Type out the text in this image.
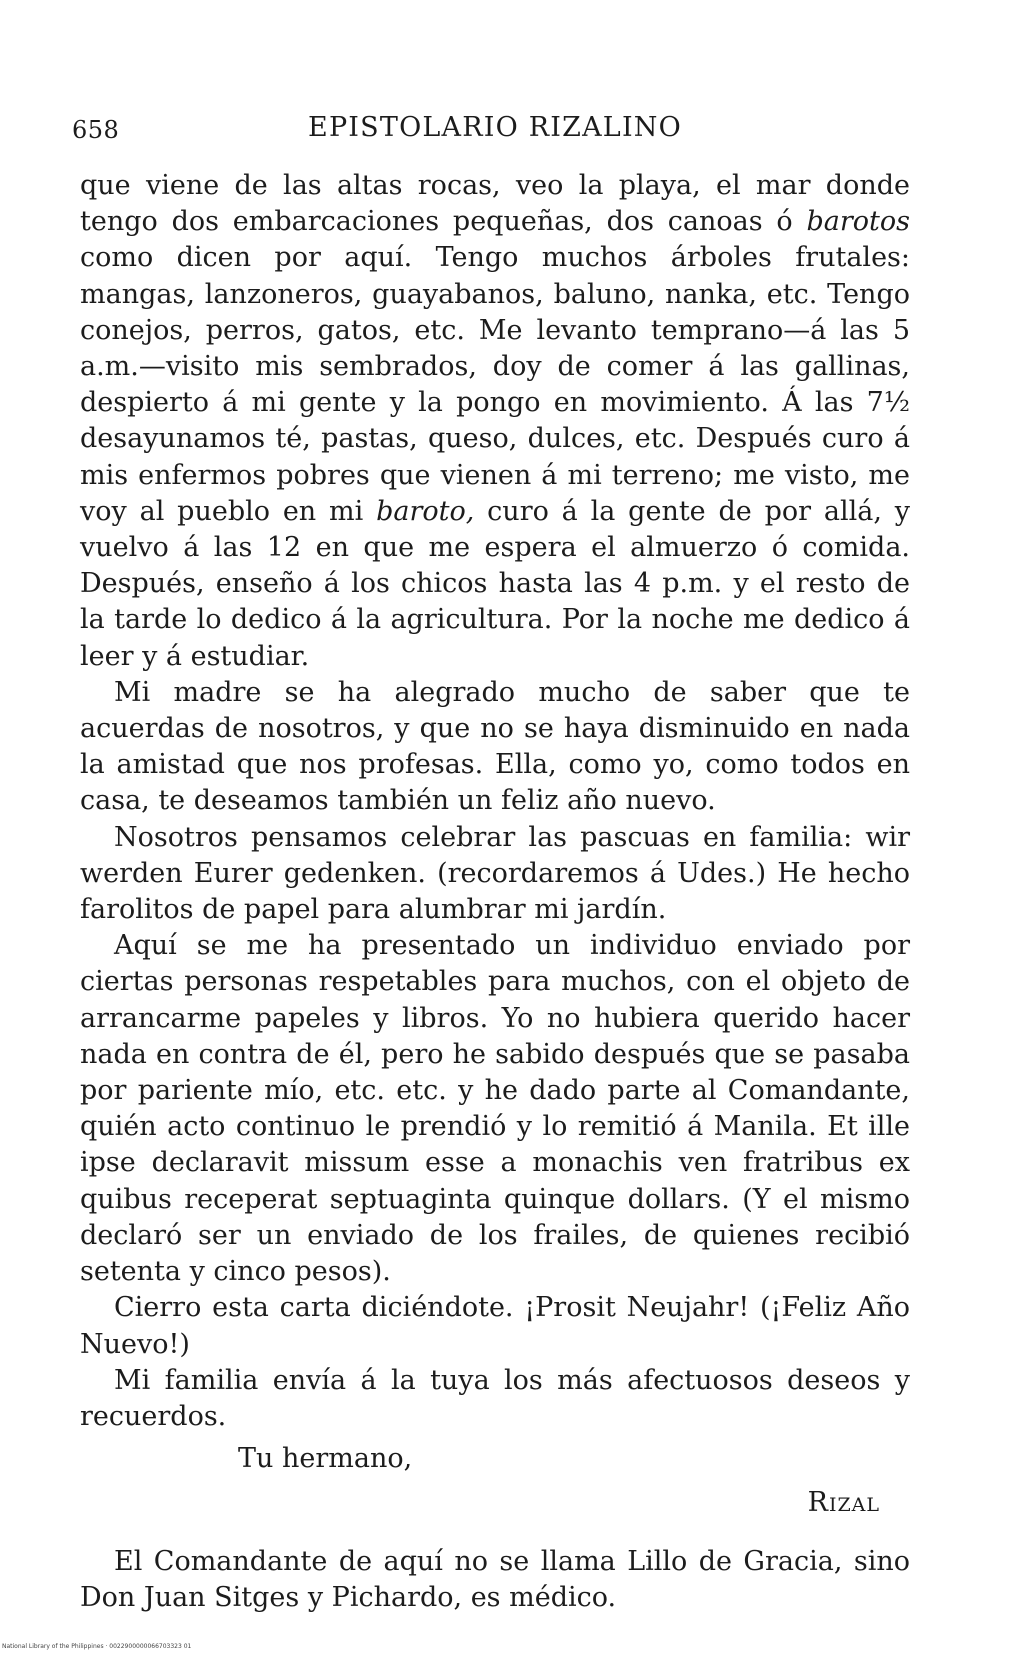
658	EPISTOLARIO RIZALINO

que viene de las altas rocas, veo la playa, el mar donde tengo dos embarcaciones pequeñas, dos canoas ó barotos como dicen por aquí. Tengo muchos árboles frutales: mangas, lanzoneros, guayabanos, baluno, nanka, etc. Tengo conejos, perros, gatos, etc. Me levanto temprano—á las 5 a.m.—visito mis sembrados, doy de comer á las gallinas, despierto á mi gente y la pongo en movimiento. Á las 7½ desayunamos té, pastas, queso, dulces, etc. Después curo á mis enfermos pobres que vienen á mi terreno; me visto, me voy al pueblo en mi baroto, curo á la gente de por allá, y vuelvo á las 12 en que me espera el almuerzo ó comida. Después, enseño á los chicos hasta las 4 p.m. y el resto de la tarde lo dedico á la agricultura. Por la noche me dedico á leer y á estudiar.

Mi madre se ha alegrado mucho de saber que te acuerdas de nosotros, y que no se haya disminuido en nada la amistad que nos profesas. Ella, como yo, como todos en casa, te deseamos también un feliz año nuevo.

Nosotros pensamos celebrar las pascuas en familia: wir werden Eurer gedenken. (recordaremos á Udes.) He hecho farolitos de papel para alumbrar mi jardín.

Aquí se me ha presentado un individuo enviado por ciertas personas respetables para muchos, con el objeto de arrancarme papeles y libros. Yo no hubiera querido hacer nada en contra de él, pero he sabido después que se pasaba por pariente mío, etc. etc. y he dado parte al Comandante, quién acto continuo le prendió y lo remitió á Manila. Et ille ipse declaravit missum esse a monachis ven fratribus ex quibus receperat septuaginta quinque dollars. (Y el mismo declaró ser un enviado de los frailes, de quienes recibió setenta y cinco pesos).

Cierro esta carta diciéndote. ¡Prosit Neujahr! (¡Feliz Año Nuevo!)

Mi familia envía á la tuya los más afectuosos deseos y recuerdos.

Tu hermano,

Rizal

El Comandante de aquí no se llama Lillo de Gracia, sino Don Juan Sitges y Pichardo, es médico.

National Library of the Philippines · 0022900000066703323 01
